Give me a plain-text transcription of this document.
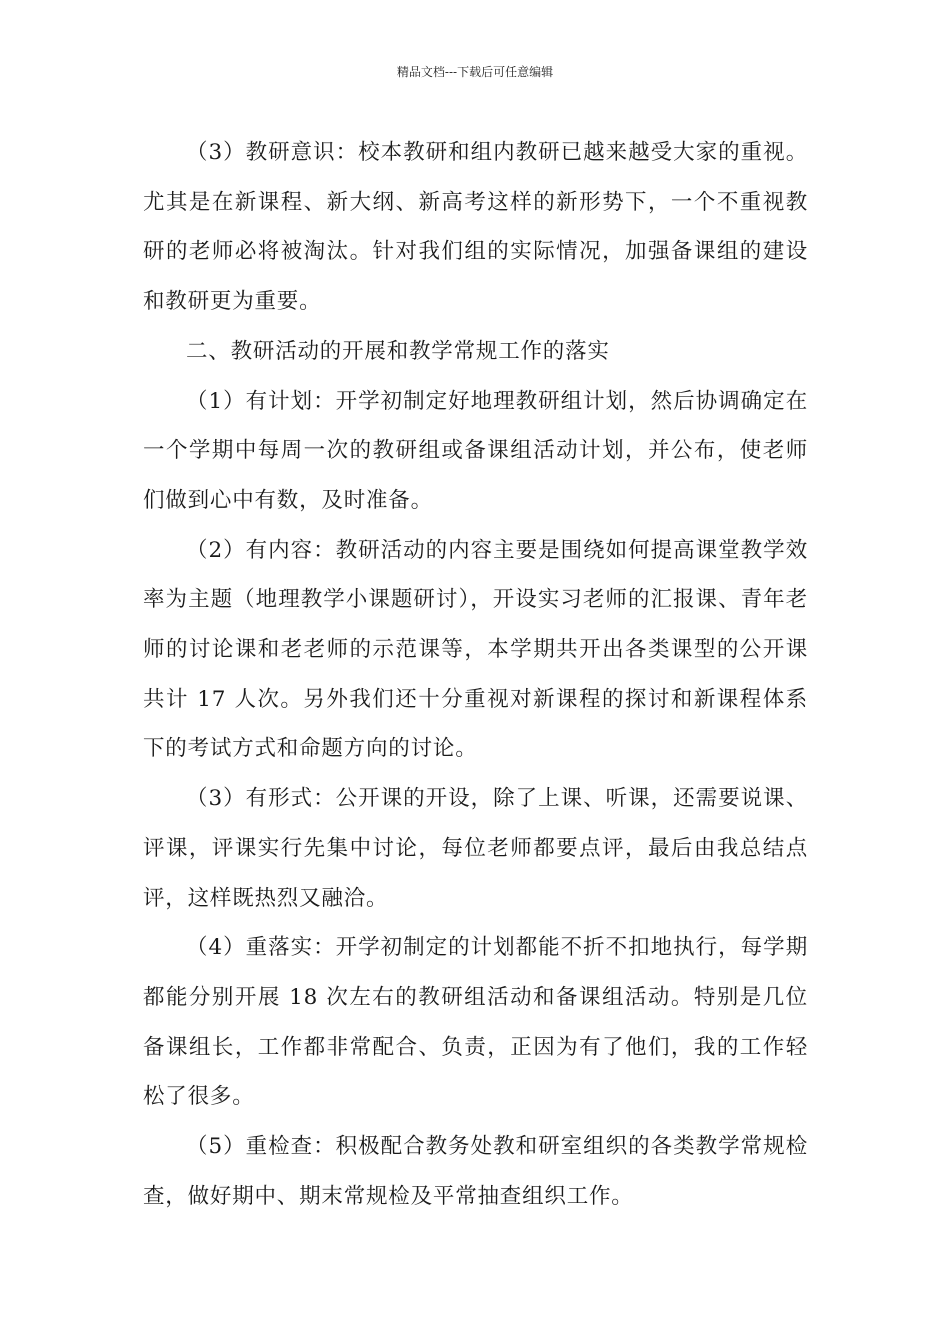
精品文档---下载后可任意编辑

（3）教研意识：校本教研和组内教研已越来越受大家的重视。尤其是在新课程、新大纲、新高考这样的新形势下，一个不重视教研的老师必将被淘汰。针对我们组的实际情况，加强备课组的建设和教研更为重要。

二、教研活动的开展和教学常规工作的落实

（1）有计划：开学初制定好地理教研组计划，然后协调确定在一个学期中每周一次的教研组或备课组活动计划，并公布，使老师们做到心中有数，及时准备。

（2）有内容：教研活动的内容主要是围绕如何提高课堂教学效率为主题（地理教学小课题研讨），开设实习老师的汇报课、青年老师的讨论课和老老师的示范课等，本学期共开出各类课型的公开课共计 17 人次。另外我们还十分重视对新课程的探讨和新课程体系下的考试方式和命题方向的讨论。

（3）有形式：公开课的开设，除了上课、听课，还需要说课、评课，评课实行先集中讨论，每位老师都要点评，最后由我总结点评，这样既热烈又融洽。

（4）重落实：开学初制定的计划都能不折不扣地执行，每学期都能分别开展 18 次左右的教研组活动和备课组活动。特别是几位备课组长，工作都非常配合、负责，正因为有了他们，我的工作轻松了很多。

（5）重检查：积极配合教务处教和研室组织的各类教学常规检查，做好期中、期末常规检及平常抽查组织工作。
